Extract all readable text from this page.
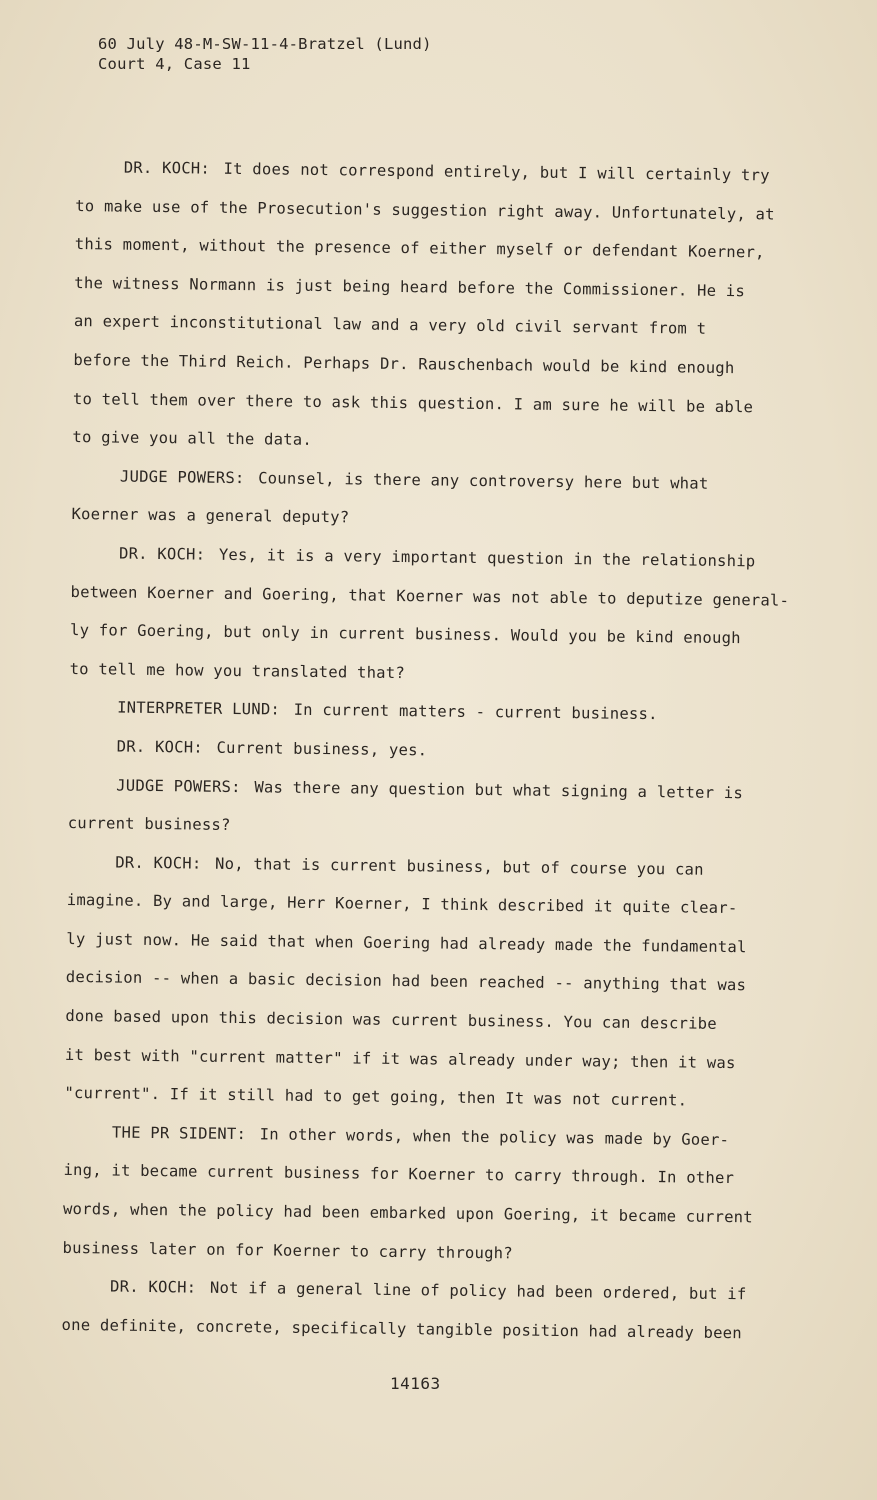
60 July 48-M-SW-11-4-Bratzel (Lund)
Court 4, Case 11
DR. KOCH: It does not correspond entirely, but I will certainly try
to make use of the Prosecution's suggestion right away. Unfortunately, at
this moment, without the presence of either myself or defendant Koerner,
the witness Normann is just being heard before the Commissioner. He is
an expert inconstitutional law and a very old civil servant from t
before the Third Reich. Perhaps Dr. Rauschenbach would be kind enough
to tell them over there to ask this question. I am sure he will be able
to give you all the data.
JUDGE POWERS: Counsel, is there any controversy here but what
Koerner was a general deputy?
DR. KOCH: Yes, it is a very important question in the relationship
between Koerner and Goering, that Koerner was not able to deputize general-
ly for Goering, but only in current business. Would you be kind enough
to tell me how you translated that?
INTERPRETER LUND: In current matters - current business.
DR. KOCH: Current business, yes.
JUDGE POWERS: Was there any question but what signing a letter is
current business?
DR. KOCH: No, that is current business, but of course you can
imagine. By and large, Herr Koerner, I think described it quite clear-
ly just now. He said that when Goering had already made the fundamental
decision -- when a basic decision had been reached -- anything that was
done based upon this decision was current business. You can describe
it best with "current matter" if it was already under way; then it was
"current". If it still had to get going, then It was not current.
THE PR SIDENT: In other words, when the policy was made by Goer-
ing, it became current business for Koerner to carry through. In other
words, when the policy had been embarked upon Goering, it became current
business later on for Koerner to carry through?
DR. KOCH: Not if a general line of policy had been ordered, but if
one definite, concrete, specifically tangible position had already been
14163
